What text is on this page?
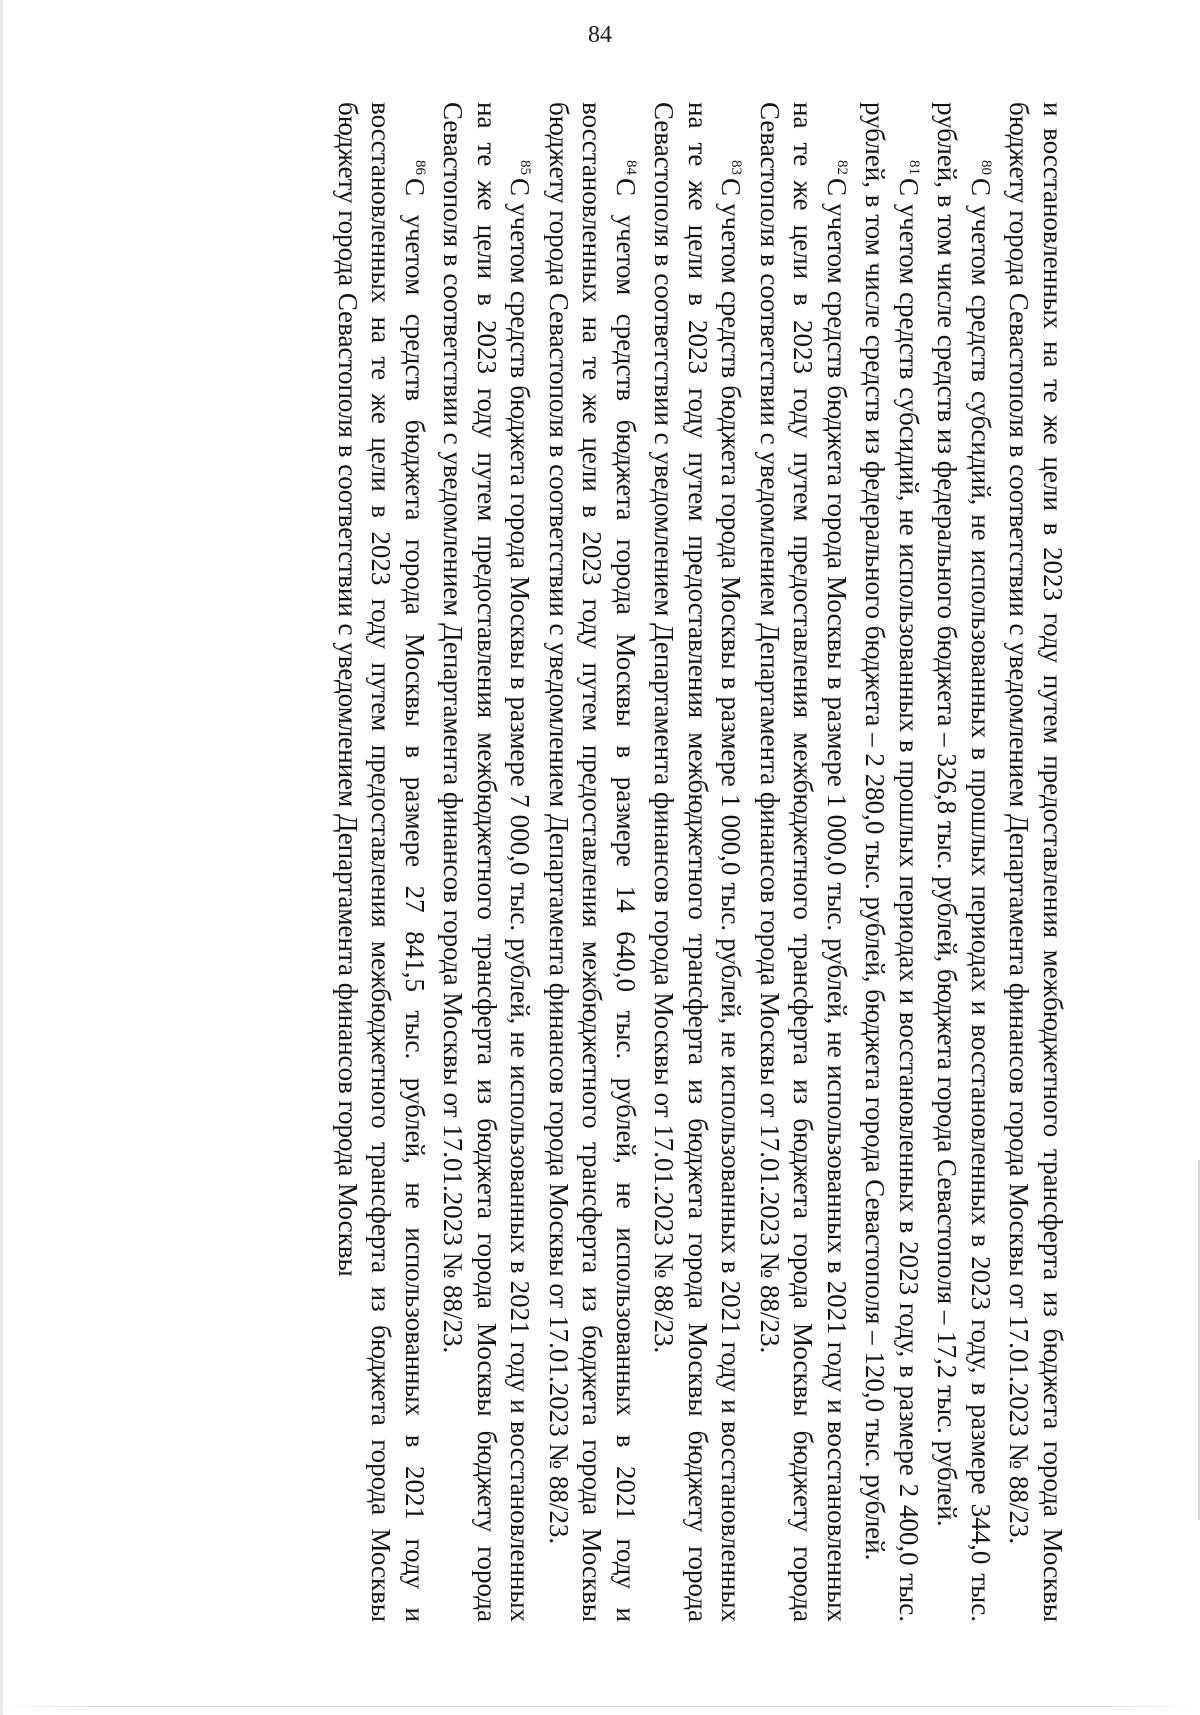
84

и восстановленных на те же цели в 2023 году путем предоставления межбюджетного трансферта из бюджета города Москвы бюджету города Севастополя в соответствии с уведомлением Департамента финансов города Москвы от 17.01.2023 № 88/23.

$^{80}$С учетом средств субсидий, не использованных в прошлых периодах и восстановленных в 2023 году, в размере 344,0 тыс. рублей, в том числе средств из федерального бюджета – 326,8 тыс. рублей, бюджета города Севастополя – 17,2 тыс. рублей.

$^{81}$С учетом средств субсидий, не использованных в прошлых периодах и восстановленных в 2023 году, в размере 2 400,0 тыс. рублей, в том числе средств из федерального бюджета – 2 280,0 тыс. рублей, бюджета города Севастополя – 120,0 тыс. рублей.

$^{82}$С учетом средств бюджета города Москвы в размере 1 000,0 тыс. рублей, не использованных в 2021 году и восстановленных на те же цели в 2023 году путем предоставления межбюджетного трансферта из бюджета города Москвы бюджету города Севастополя в соответствии с уведомлением Департамента финансов города Москвы от 17.01.2023 № 88/23.

$^{83}$С учетом средств бюджета города Москвы в размере 1 000,0 тыс. рублей, не использованных в 2021 году и восстановленных на те же цели в 2023 году путем предоставления межбюджетного трансферта из бюджета города Москвы бюджету города Севастополя в соответствии с уведомлением Департамента финансов города Москвы от 17.01.2023 № 88/23.

$^{84}$С учетом средств бюджета города Москвы в размере 14 640,0 тыс. рублей, не использованных в 2021 году и восстановленных на те же цели в 2023 году путем предоставления межбюджетного трансферта из бюджета города Москвы бюджету города Севастополя в соответствии с уведомлением Департамента финансов города Москвы от 17.01.2023 № 88/23.

$^{85}$С учетом средств бюджета города Москвы в размере 7 000,0 тыс. рублей, не использованных в 2021 году и восстановленных на те же цели в 2023 году путем предоставления межбюджетного трансферта из бюджета города Москвы бюджету города Севастополя в соответствии с уведомлением Департамента финансов города Москвы от 17.01.2023 № 88/23.

$^{86}$С учетом средств бюджета города Москвы в размере 27 841,5 тыс. рублей, не использованных в 2021 году и восстановленных на те же цели в 2023 году путем предоставления межбюджетного трансферта из бюджета города Москвы бюджету города Севастополя в соответствии с уведомлением Департамента финансов города Москвы
